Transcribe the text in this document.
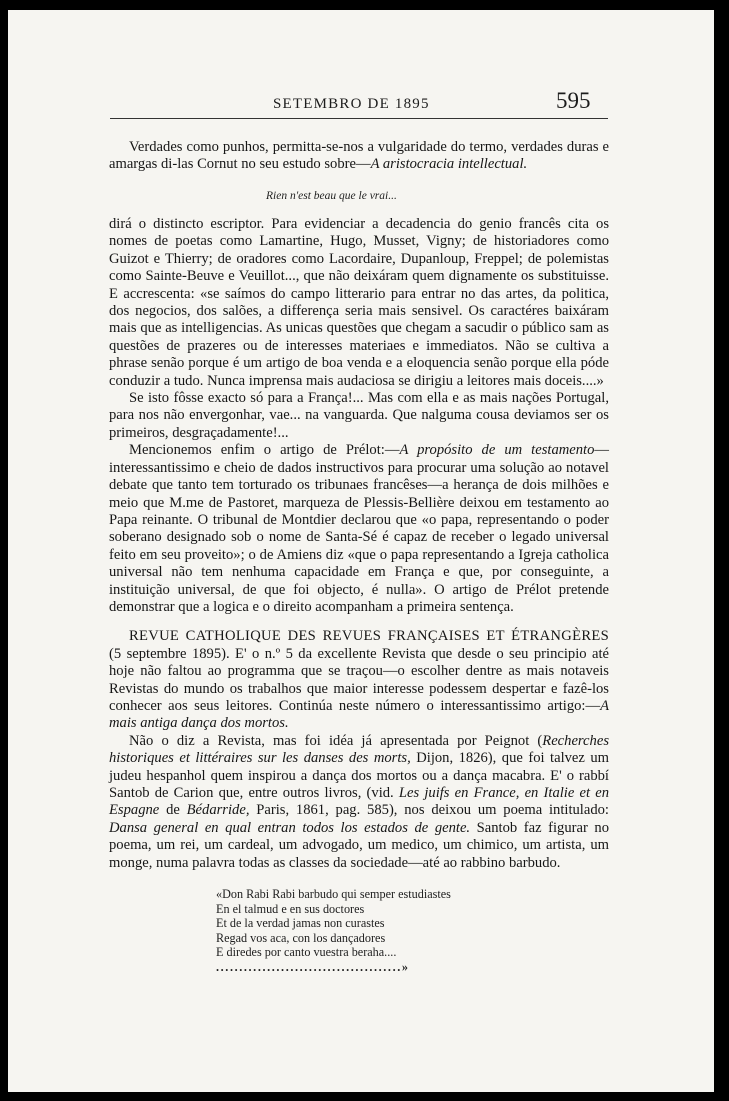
SETEMBRO DE 1895	595

Verdades como punhos, permitta-se-nos a vulgaridade do termo, verdades duras e amargas di-las Cornut no seu estudo sobre—A aristocracia intellectual.

Rien n'est beau que le vrai...

dirá o distincto escriptor. Para evidenciar a decadencia do genio francês cita os nomes de poetas como Lamartine, Hugo, Musset, Vigny; de historiadores como Guizot e Thierry; de oradores como Lacordaire, Dupanloup, Freppel; de polemistas como Sainte-Beuve e Veuillot..., que não deixáram quem dignamente os substituisse. E accrescenta: «se saímos do campo litterario para entrar no das artes, da politica, dos negocios, dos salões, a differença seria mais sensivel. Os caractéres baixáram mais que as intelligencias. As unicas questões que chegam a sacudir o público sam as questões de prazeres ou de interesses materiaes e immediatos. Não se cultiva a phrase senão porque é um artigo de boa venda e a eloquencia senão porque ella póde conduzir a tudo. Nunca imprensa mais audaciosa se dirigiu a leitores mais doceis....»

Se isto fôsse exacto só para a França!... Mas com ella e as mais nações Portugal, para nos não envergonhar, vae... na vanguarda. Que nalguma cousa deviamos ser os primeiros, desgraçadamente!...

Mencionemos enfim o artigo de Prélot:—A propósito de um testamento—interessantissimo e cheio de dados instructivos para procurar uma solução ao notavel debate que tanto tem torturado os tribunaes francêses—a herança de dois milhões e meio que M.me de Pastoret, marqueza de Plessis-Bellière deixou em testamento ao Papa reinante. O tribunal de Montdier declarou que «o papa, representando o poder soberano designado sob o nome de Santa-Sé é capaz de receber o legado universal feito em seu proveito»; o de Amiens diz «que o papa representando a Igreja catholica universal não tem nenhuma capacidade em França e que, por conseguinte, a instituição universal, de que foi objecto, é nulla». O artigo de Prélot pretende demonstrar que a logica e o direito acompanham a primeira sentença.

REVUE CATHOLIQUE DES REVUES FRANÇAISES ET ÉTRANGÈRES (5 septembre 1895). E' o n.º 5 da excellente Revista que desde o seu principio até hoje não faltou ao programma que se traçou—o escolher dentre as mais notaveis Revistas do mundo os trabalhos que maior interesse podessem despertar e fazê-los conhecer aos seus leitores. Continúa neste número o interessantissimo artigo:—A mais antiga dança dos mortos.

Não o diz a Revista, mas foi idéa já apresentada por Peignot (Recherches historiques et littéraires sur les danses des morts, Dijon, 1826), que foi talvez um judeu hespanhol quem inspirou a dança dos mortos ou a dança macabra. E' o rabbí Santob de Carion que, entre outros livros, (vid. Les juifs en France, en Italie et en Espagne de Bédarride, Paris, 1861, pag. 585), nos deixou um poema intitulado: Dansa general en qual entran todos los estados de gente. Santob faz figurar no poema, um rei, um cardeal, um advogado, um medico, um chimico, um artista, um monge, numa palavra todas as classes da sociedade—até ao rabbino barbudo.

«Don Rabi Rabi barbudo qui semper estudiastes
En el talmud e en sus doctores
Et de la verdad jamas non curastes
Regad vos aca, con los dançadores
E diredes por canto vuestra beraha....
........................................»
